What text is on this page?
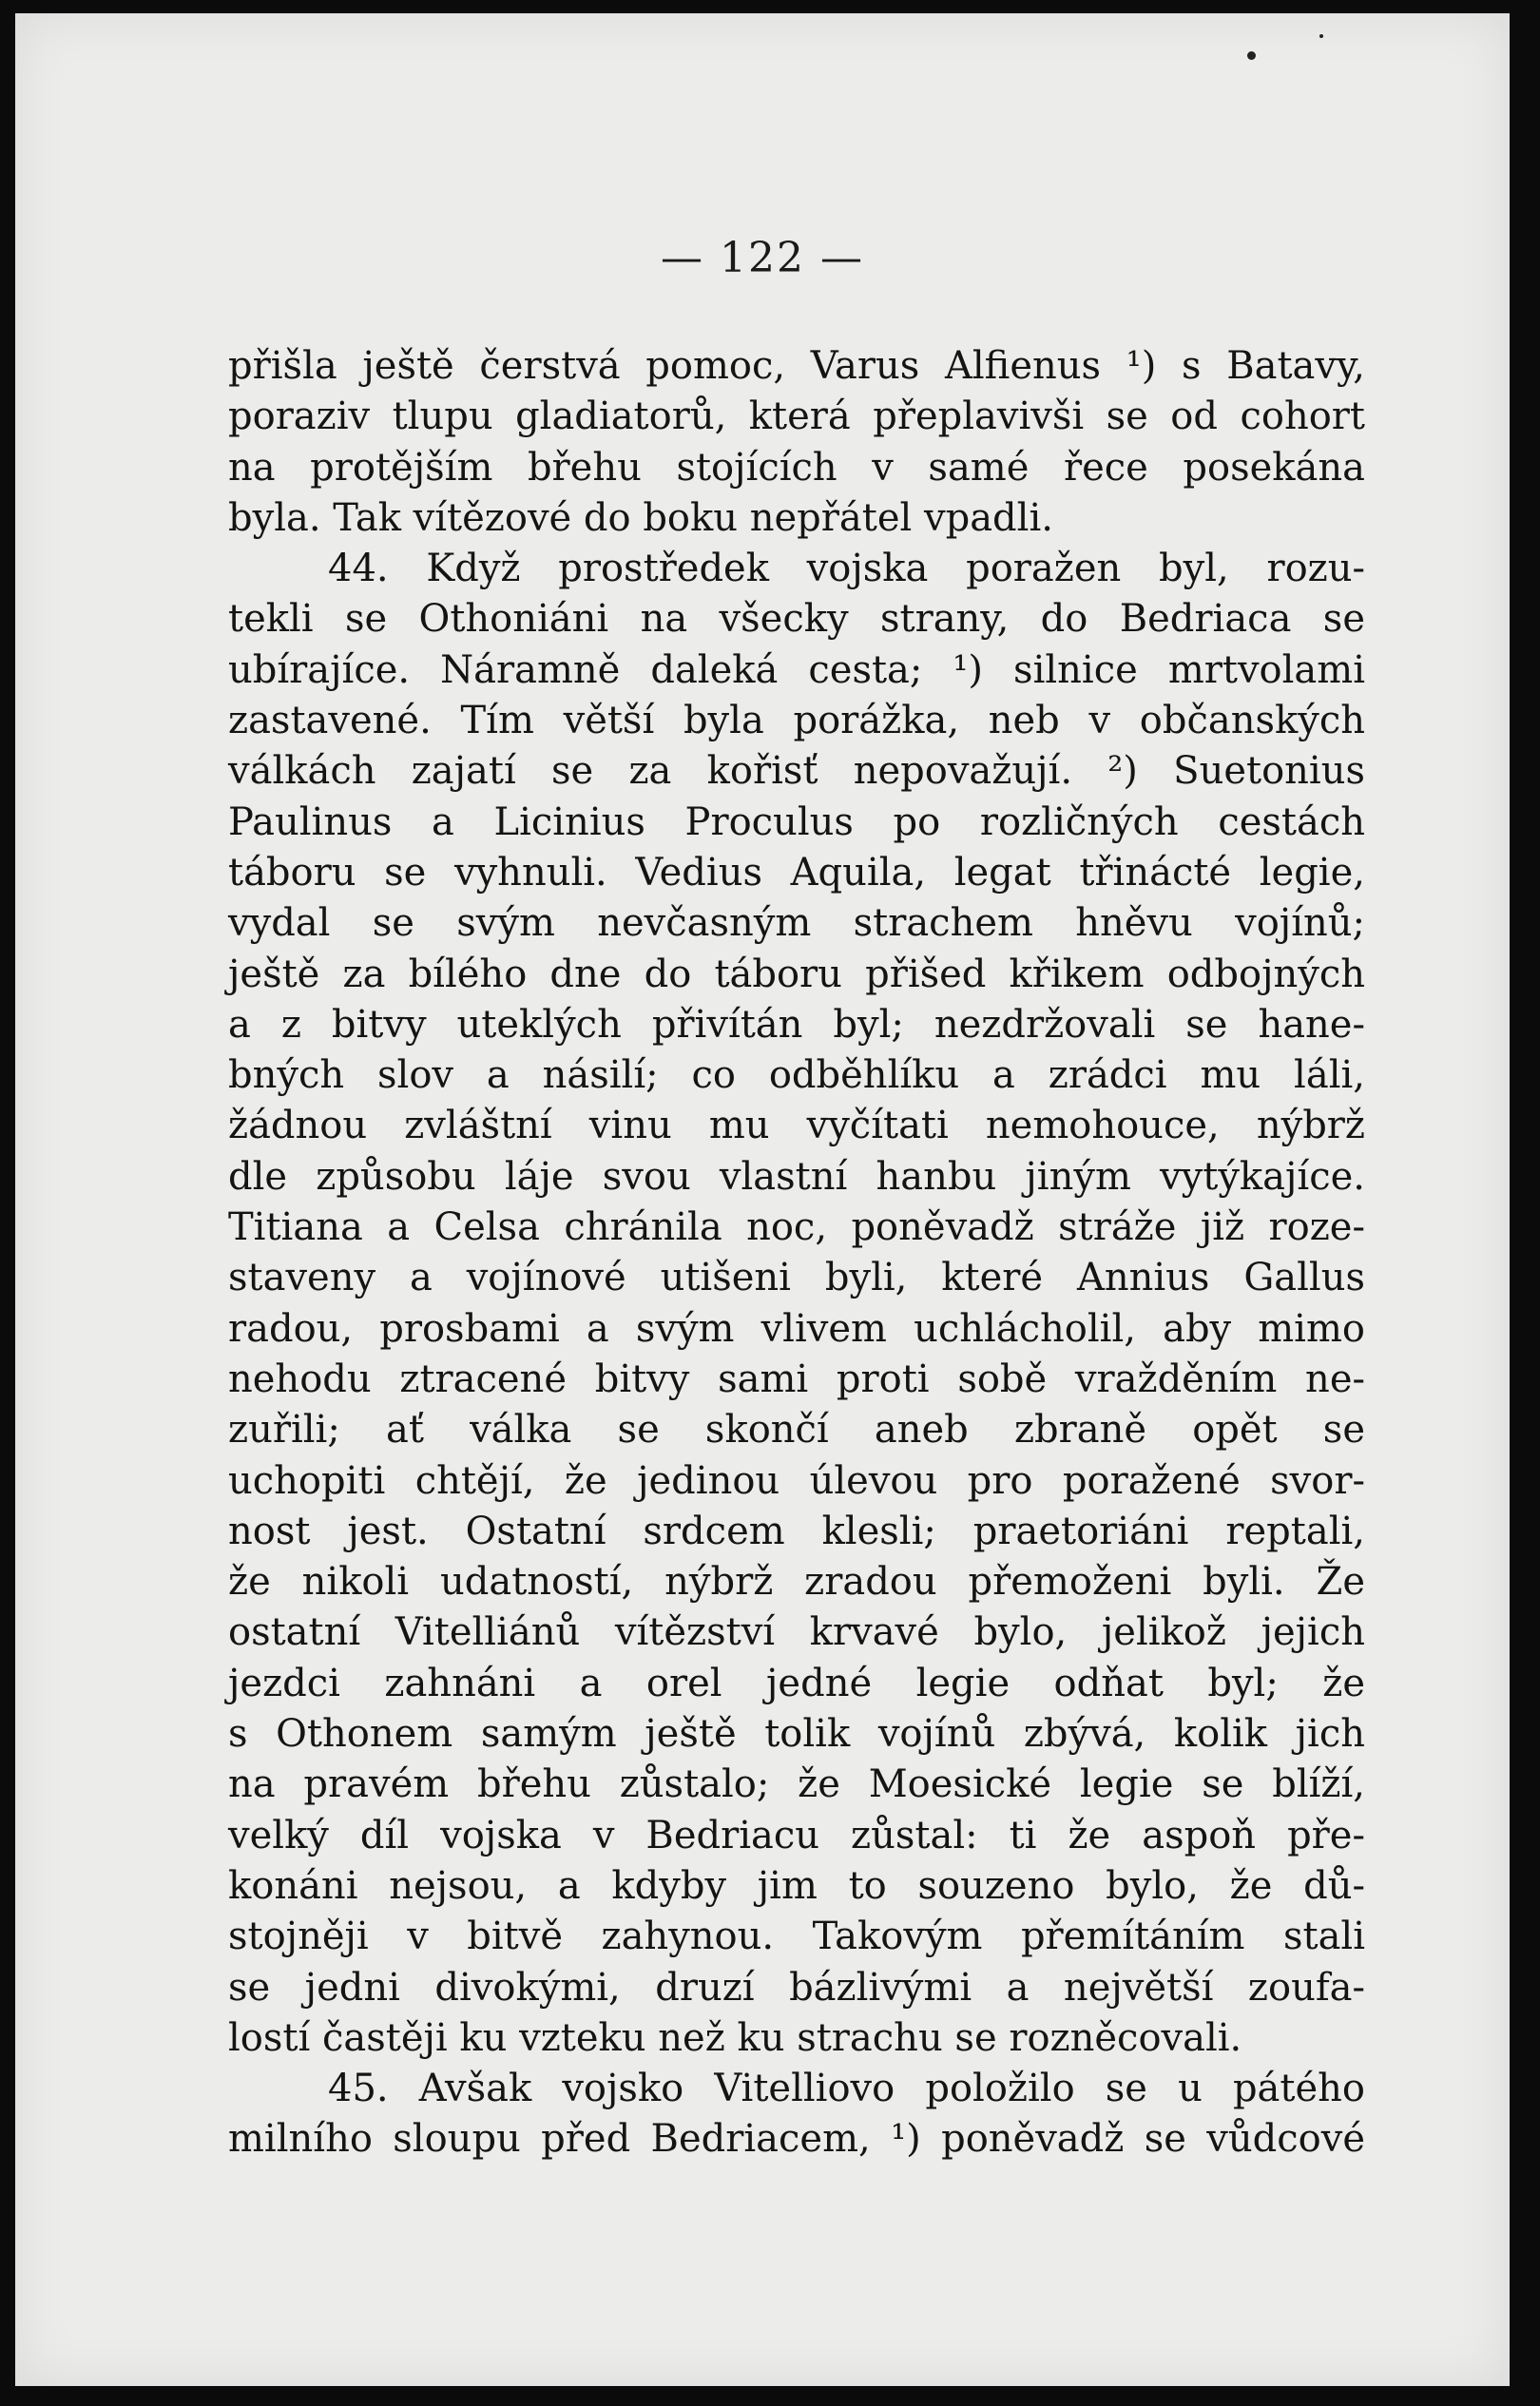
— 122 —
přišla ještě čerstvá pomoc, Varus Alfienus ¹) s Batavy,
poraziv tlupu gladiatorů, která přeplavivši se od cohort
na protějším břehu stojících v samé řece posekána
byla. Tak vítězové do boku nepřátel vpadli.
44. Když prostředek vojska poražen byl, rozu-
tekli se Othoniáni na všecky strany, do Bedriaca se
ubírajíce. Náramně daleká cesta; ¹) silnice mrtvolami
zastavené. Tím větší byla porážka, neb v občanských
válkách zajatí se za kořisť nepovažují. ²) Suetonius
Paulinus a Licinius Proculus po rozličných cestách
táboru se vyhnuli. Vedius Aquila, legat třinácté legie,
vydal se svým nevčasným strachem hněvu vojínů;
ještě za bílého dne do táboru přišed křikem odbojných
a z bitvy uteklých přivítán byl; nezdržovali se hane-
bných slov a násilí; co odběhlíku a zrádci mu láli,
žádnou zvláštní vinu mu vyčítati nemohouce, nýbrž
dle způsobu láje svou vlastní hanbu jiným vytýkajíce.
Titiana a Celsa chránila noc, poněvadž stráže již roze-
staveny a vojínové utišeni byli, které Annius Gallus
radou, prosbami a svým vlivem uchlácholil, aby mimo
nehodu ztracené bitvy sami proti sobě vražděním ne-
zuřili; ať válka se skončí aneb zbraně opět se
uchopiti chtějí, že jedinou úlevou pro poražené svor-
nost jest. Ostatní srdcem klesli; praetoriáni reptali,
že nikoli udatností, nýbrž zradou přemoženi byli. Že
ostatní Vitelliánů vítězství krvavé bylo, jelikož jejich
jezdci zahnáni a orel jedné legie odňat byl; že
s Othonem samým ještě tolik vojínů zbývá, kolik jich
na pravém břehu zůstalo; že Moesické legie se blíží,
velký díl vojska v Bedriacu zůstal: ti že aspoň pře-
konáni nejsou, a kdyby jim to souzeno bylo, že dů-
stojněji v bitvě zahynou. Takovým přemítáním stali
se jedni divokými, druzí bázlivými a největší zoufa-
lostí častěji ku vzteku než ku strachu se rozněcovali.
45. Avšak vojsko Vitelliovo položilo se u pátého
milního sloupu před Bedriacem, ¹) poněvadž se vůdcové
